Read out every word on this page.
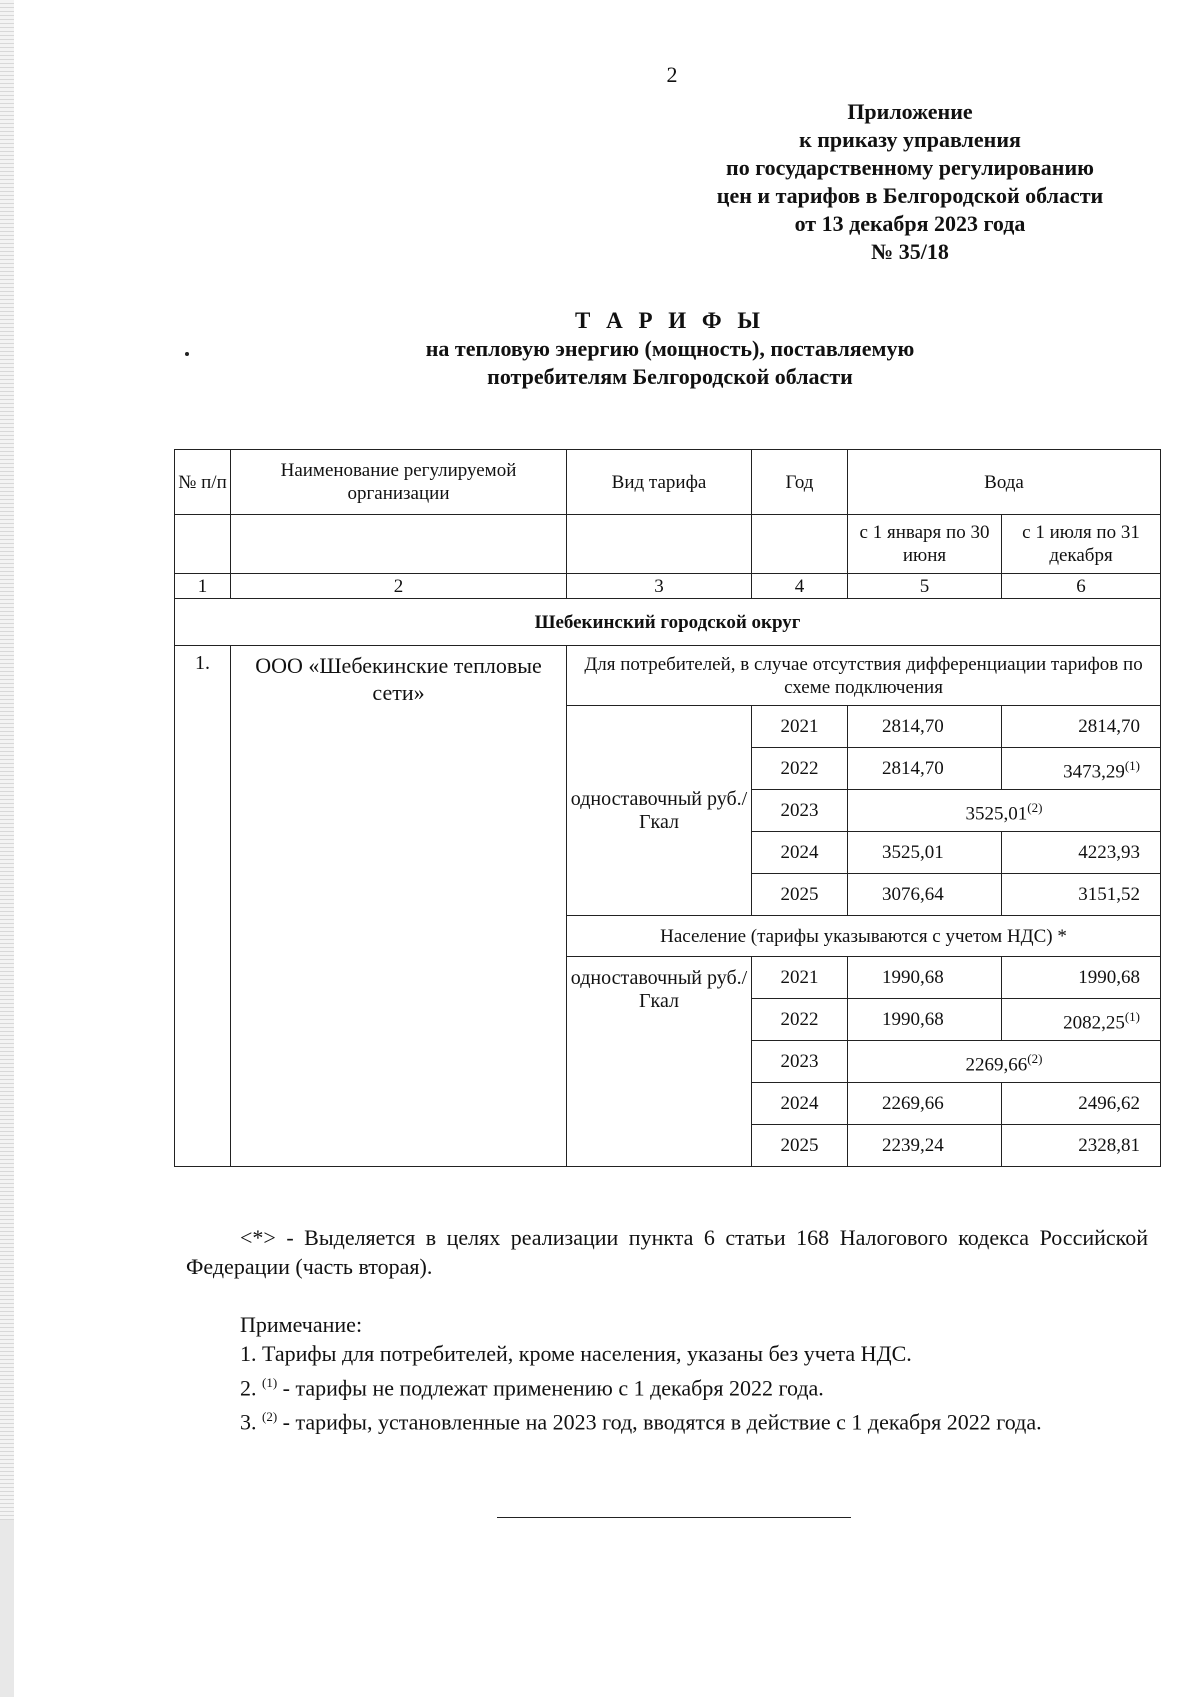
2
Приложение
к приказу управления
по государственному регулированию
цен и тарифов в Белгородской области
от 13 декабря 2023 года
№ 35/18
Т А Р И Ф Ы
на тепловую энергию (мощность), поставляемую
потребителям Белгородской области
№ п/п	Наименование регулируемой организации	Вид тарифа	Год	Вода	
				с 1 января по 30 июня	с 1 июля по 31 декабря
1	2	3	4	5	6
Шебекинский городской округ					
1.	ООО «Шебекинские тепловые сети»	Для потребителей, в случае отсутствия дифференциации тарифов по схеме подключения			
		одноставочный руб./Гкал	2021	2814,70	2814,70
			2022	2814,70	3473,29$^{(1)}$
			2023	3525,01$^{(2)}$
			2024	3525,01	4223,93
			2025	3076,64	3151,52
		Население (тарифы указываются с учетом НДС) *			
		одноставочный руб./Гкал	2021	1990,68	1990,68
			2022	1990,68	2082,25$^{(1)}$
			2023	2269,66$^{(2)}$
			2024	2269,66	2496,62
			2025	2239,24	2328,81

<*> - Выделяется в целях реализации пункта 6 статьи 168 Налогового кодекса Российской Федерации (часть вторая).

Примечание:

1. Тарифы для потребителей, кроме населения, указаны без учета НДС.

2. $^{(1)}$ - тарифы не подлежат применению с 1 декабря 2022 года.

3. $^{(2)}$ - тарифы, установленные на 2023 год, вводятся в действие с 1 декабря 2022 года.
